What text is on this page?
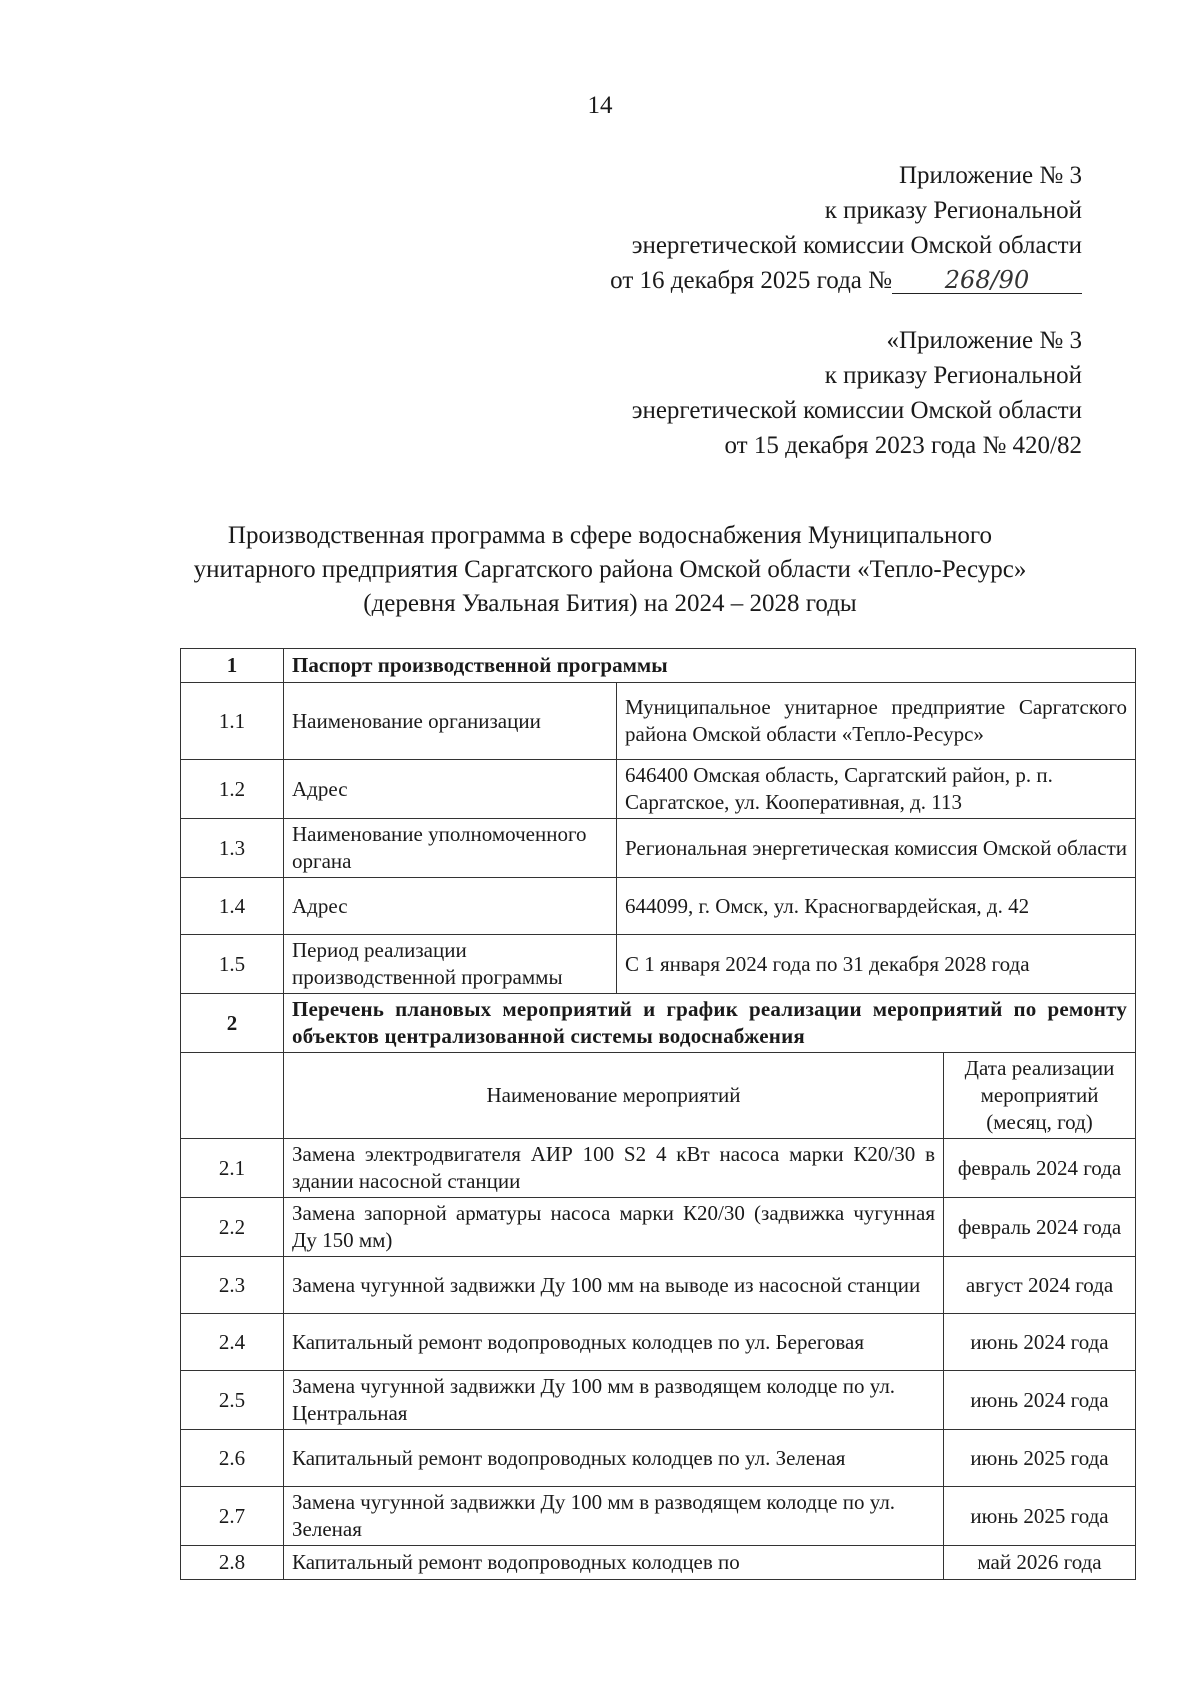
14
Приложение № 3
к приказу Региональной
энергетической комиссии Омской области
от 16 декабря 2025 года № 268/90
«Приложение № 3
к приказу Региональной
энергетической комиссии Омской области
от 15 декабря 2023 года № 420/82
Производственная программа в сфере водоснабжения Муниципального
унитарного предприятия Саргатского района Омской области «Тепло-Ресурс»
(деревня Увальная Бития) на 2024 – 2028 годы
1	Паспорт производственной программы		
1.1	Наименование организации	Муниципальное унитарное предприятие Саргатского района Омской области «Тепло-Ресурс»	
1.2	Адрес	646400 Омская область, Саргатский район, р. п. Саргатское, ул. Кооперативная, д. 113	
1.3	Наименование уполномоченного органа	Региональная энергетическая комиссия Омской области	
1.4	Адрес	644099, г. Омск, ул. Красногвардейская, д. 42	
1.5	Период реализации производственной программы	С 1 января 2024 года по 31 декабря 2028 года	
2	Перечень плановых мероприятий и график реализации мероприятий по ремонту объектов централизованной системы водоснабжения		
	Наименование мероприятий		Дата реализации мероприятий (месяц, год)
2.1	Замена электродвигателя АИР 100 S2 4 кВт насоса марки К20/30 в здании насосной станции		февраль 2024 года
2.2	Замена запорной арматуры насоса марки К20/30 (задвижка чугунная Ду 150 мм)		февраль 2024 года
2.3	Замена чугунной задвижки Ду 100 мм на выводе из насосной станции		август 2024 года
2.4	Капитальный ремонт водопроводных колодцев по ул. Береговая		июнь 2024 года
2.5	Замена чугунной задвижки Ду 100 мм в разводящем колодце по ул. Центральная		июнь 2024 года
2.6	Капитальный ремонт водопроводных колодцев по ул. Зеленая		июнь 2025 года
2.7	Замена чугунной задвижки Ду 100 мм в разводящем колодце по ул. Зеленая		июнь 2025 года
2.8	Капитальный ремонт водопроводных колодцев по		май 2026 года
